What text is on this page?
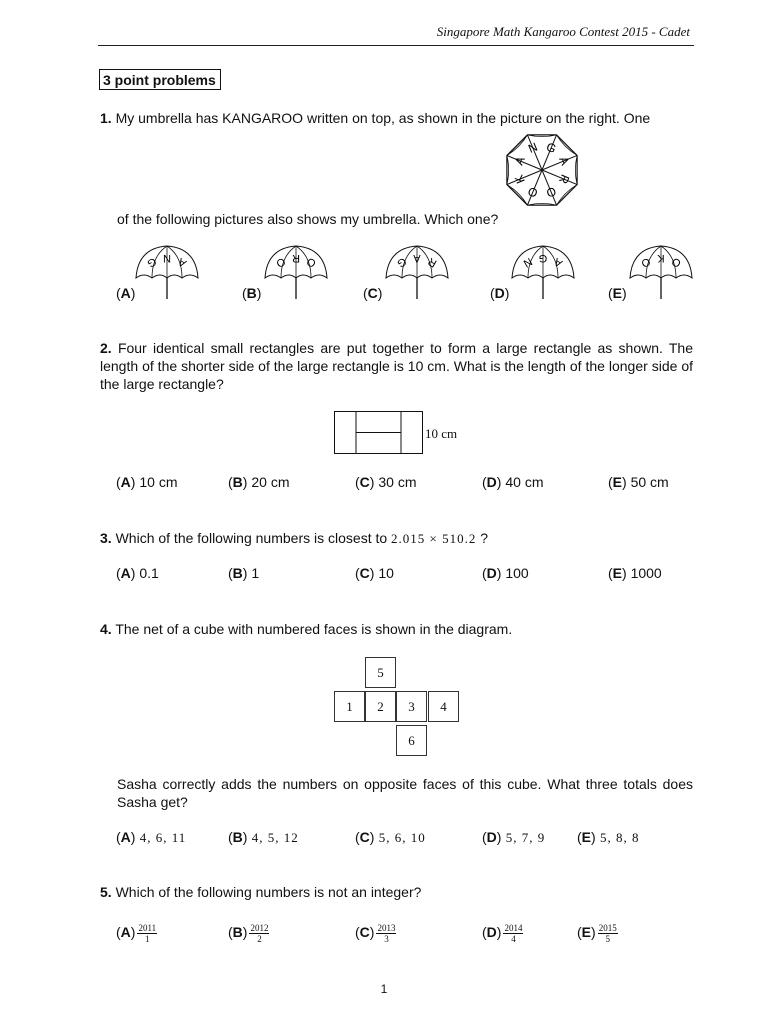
Singapore Math Kangaroo Contest 2015 - Cadet
3 point problems
1. My umbrella has KANGAROO written on top, as shown in the picture on the right. One
G
A
R
O
O
K
A
N
of the following pictures also shows my umbrella. Which one?
(A)
G N A
(B)
O R O
(C)
G A R
(D)
N G A
(E)
O K O
2. Four identical small rectangles are put together to form a large rectangle as shown. The length of the shorter side of the large rectangle is 10 cm. What is the length of the longer side of the large rectangle?
10 cm
(A) 10 cm	(B) 20 cm	(C) 30 cm	(D) 40 cm	(E) 50 cm
3. Which of the following numbers is closest to 2.015 × 510.2 ?
(A) 0.1	(B) 1	(C) 10	(D) 100	(E) 1000
4. The net of a cube with numbered faces is shown in the diagram.
5
1	2	3	4
6
Sasha correctly adds the numbers on opposite faces of this cube. What three totals does Sasha get?
(A) 4, 6, 11	(B) 4, 5, 12	(C) 5, 6, 10	(D) 5, 7, 9 (E) 5, 8, 8
5. Which of the following numbers is not an integer?
$(A) \frac{2011}{1}$	$(B) \frac{2012}{2}$	$(C) \frac{2013}{3}$	$(D) \frac{2014}{4}$	$(E) \frac{2015}{5}$
1
